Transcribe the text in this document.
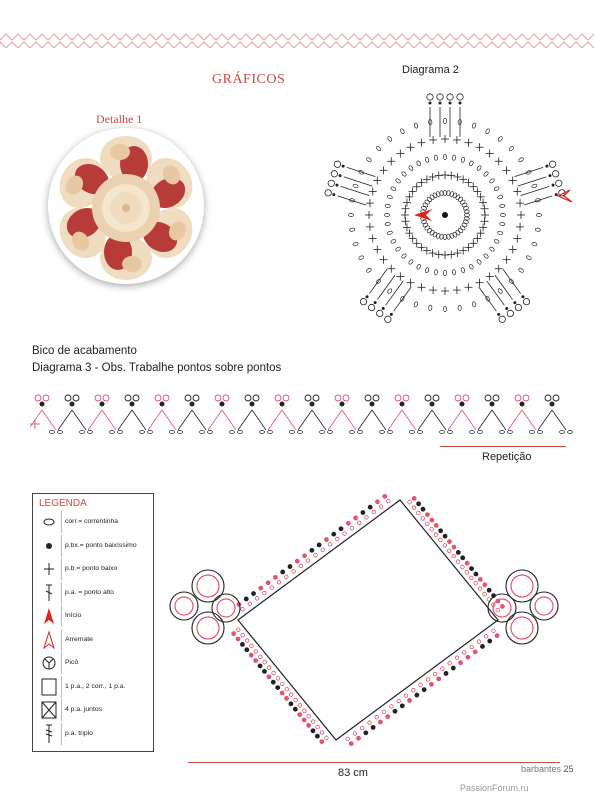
GRÁFICOS
Detalhe 1
Diagrama 2
Bico de acabamento
Diagrama 3 - Obs. Trabalhe pontos sobre pontos
Repetição
LEGENDA
corr.= correntinha
p.bx.= ponto baixíssimo
p.b.= ponto baixo
p.a. = ponto alto
Início
Arremate
Picô
1 p.a., 2 corr., 1 p.a.
4 p.a. juntos
p.a. triplo
83 cm	barbantes 25
PassionForum.ru
